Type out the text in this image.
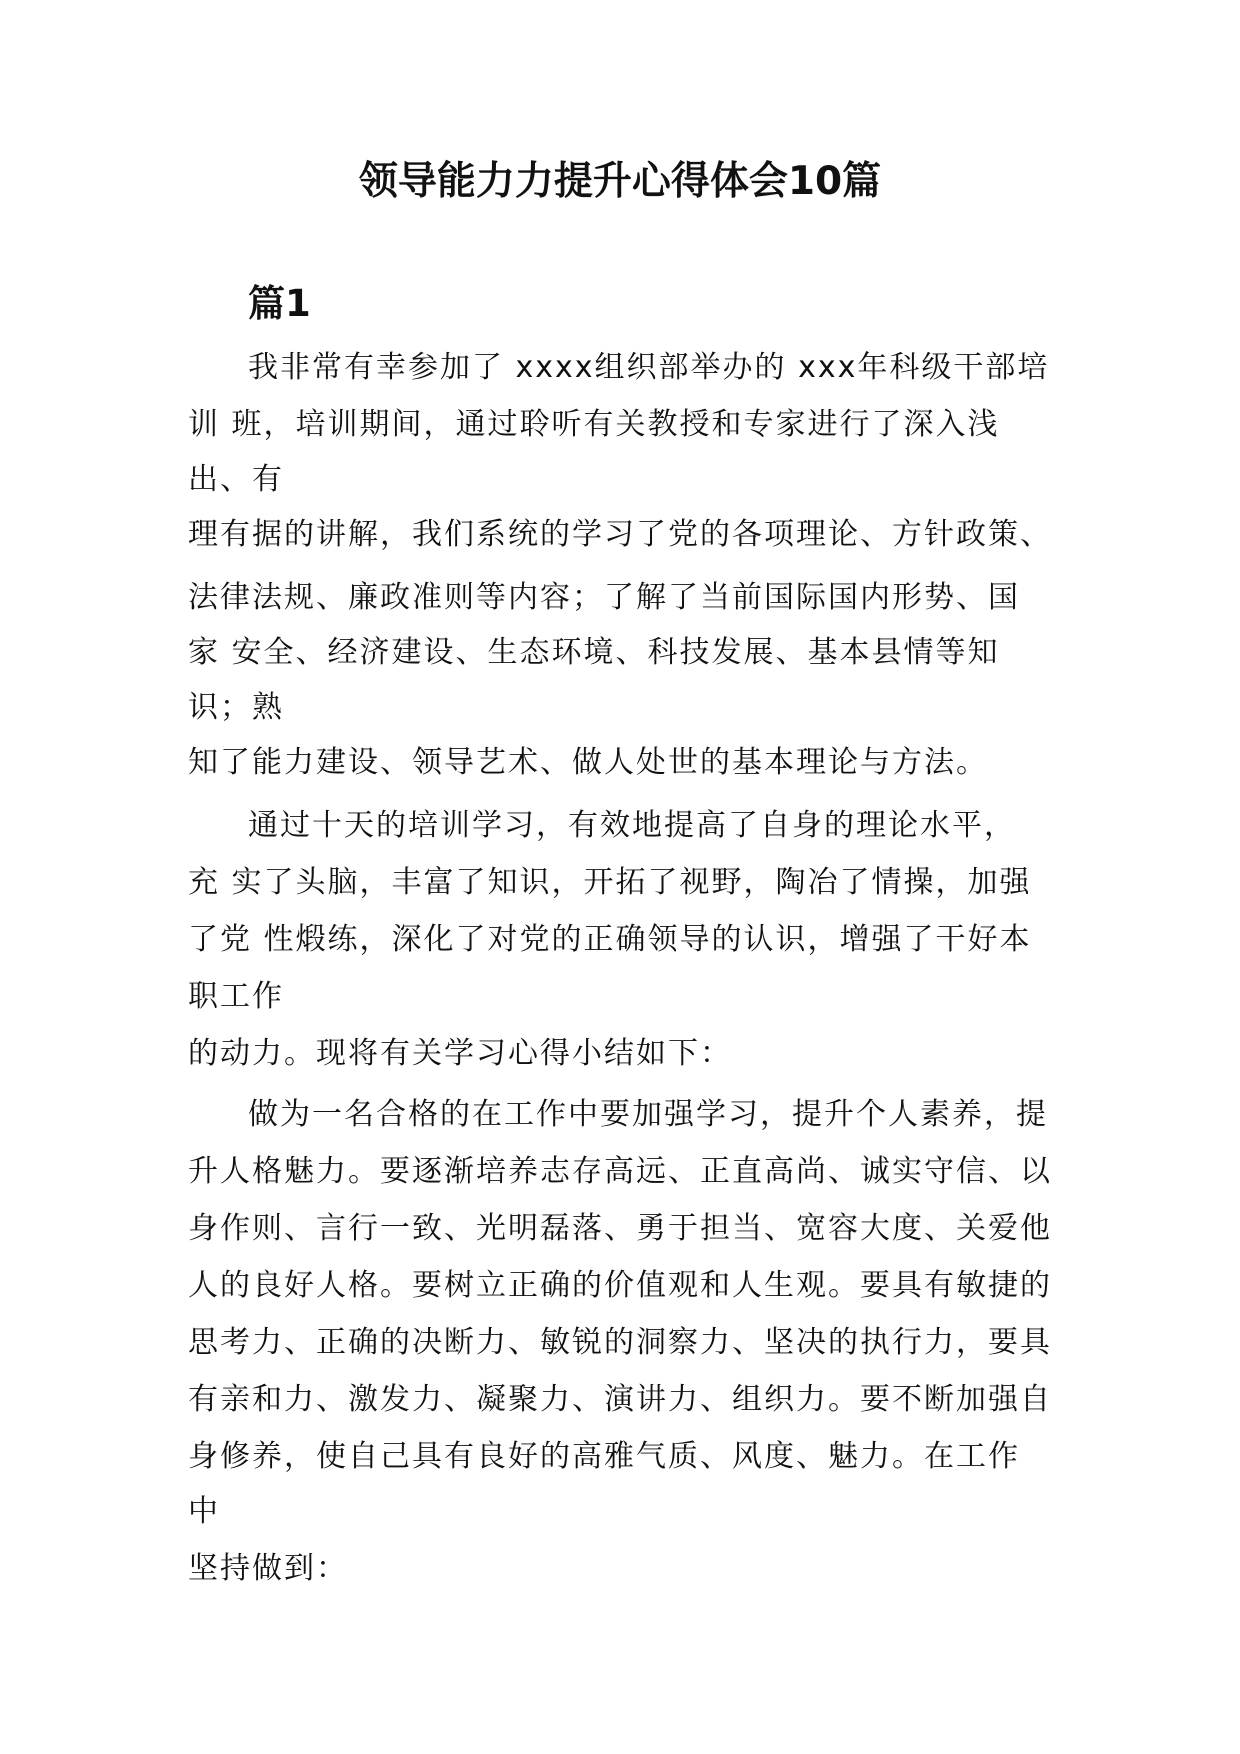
领导能力力提升心得体会10篇
篇1

我非常有幸参加了 xxxx组织部举办的 xxx年科级干部培

训 班，培训期间，通过聆听有关教授和专家进行了深入浅

出、有

理有据的讲解，我们系统的学习了党的各项理论、方针政策、

法律法规、廉政准则等内容；了解了当前国际国内形势、国

家 安全、经济建设、生态环境、科技发展、基本县情等知

识；熟

知了能力建设、领导艺术、做人处世的基本理论与方法。

通过十天的培训学习，有效地提高了自身的理论水平，

充 实了头脑，丰富了知识，开拓了视野，陶冶了情操，加强

了党 性煅练，深化了对党的正确领导的认识，增强了干好本

职工作

的动力。现将有关学习心得小结如下：

做为一名合格的在工作中要加强学习，提升个人素养，提

升人格魅力。要逐渐培养志存高远、正直高尚、诚实守信、以

身作则、言行一致、光明磊落、勇于担当、宽容大度、关爱他

人的良好人格。要树立正确的价值观和人生观。要具有敏捷的

思考力、正确的决断力、敏锐的洞察力、坚决的执行力，要具

有亲和力、激发力、凝聚力、演讲力、组织力。要不断加强自

身修养，使自己具有良好的高雅气质、风度、魅力。在工作

中

坚持做到：
